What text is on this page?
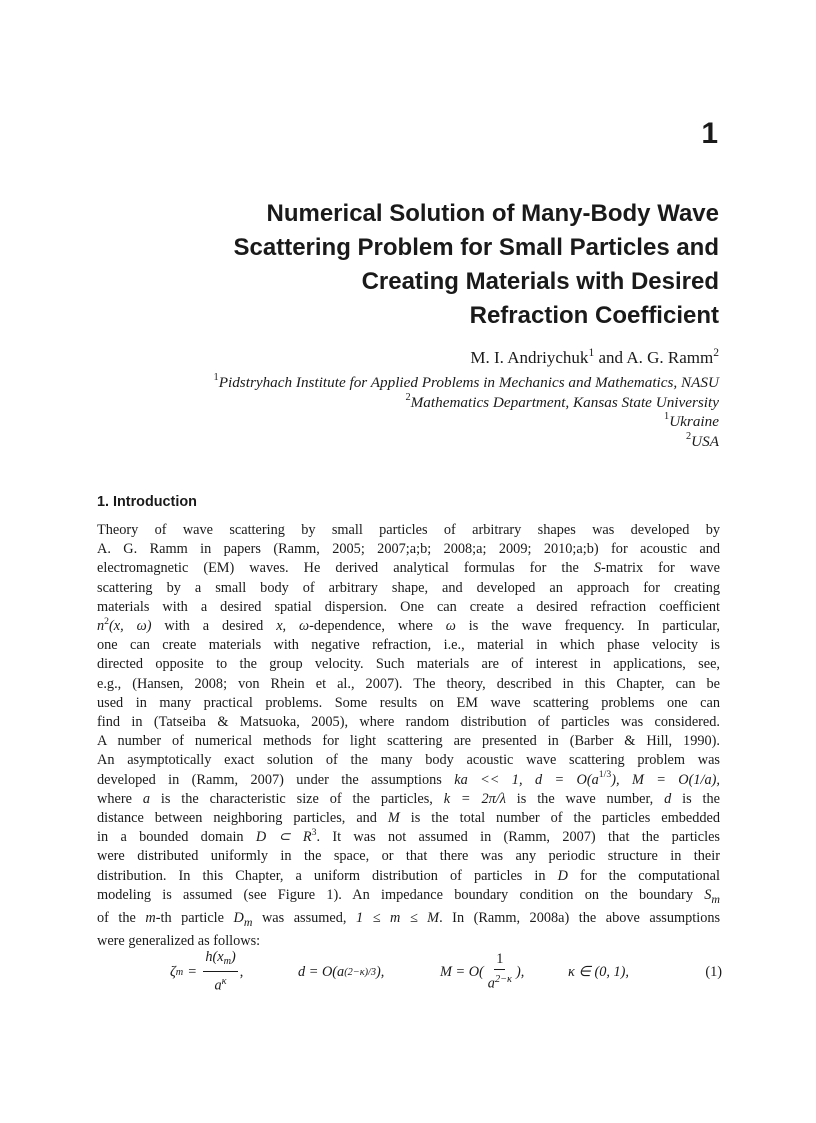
1
Numerical Solution of Many-Body Wave
Scattering Problem for Small Particles and
Creating Materials with Desired
Refraction Coefficient
M. I. Andriychuk$^1$ and A. G. Ramm$^2$
$^1$Pidstryhach Institute for Applied Problems in Mechanics and Mathematics, NASU
$^2$Mathematics Department, Kansas State University
$^1$Ukraine
$^2$USA
1. Introduction
Theory of wave scattering by small particles of arbitrary shapes was developed by
A. G. Ramm in papers (Ramm, 2005; 2007;a;b; 2008;a; 2009; 2010;a;b) for acoustic and
electromagnetic (EM) waves. He derived analytical formulas for the S-matrix for wave
scattering by a small body of arbitrary shape, and developed an approach for creating
materials with a desired spatial dispersion. One can create a desired refraction coefficient
$n^2(x$, ω) with a desired x, ω-dependence, where ω is the wave frequency. In particular,
one can create materials with negative refraction, i.e., material in which phase velocity is
directed opposite to the group velocity. Such materials are of interest in applications, see,
e.g., (Hansen, 2008; von Rhein et al., 2007). The theory, described in this Chapter, can be
used in many practical problems. Some results on EM wave scattering problems one can
find in (Tatseiba & Matsuoka, 2005), where random distribution of particles was considered.
A number of numerical methods for light scattering are presented in (Barber & Hill, 1990).
An asymptotically exact solution of the many body acoustic wave scattering problem was
developed in (Ramm, 2007) under the assumptions ka << 1, $d = O(a^{1/3})$, M = O(1/a),
where a is the characteristic size of the particles, k = 2π/λ is the wave number, d is the
distance between neighboring particles, and M is the total number of the particles embedded
in a bounded domain D ⊂ $R^3$. It was not assumed in (Ramm, 2007) that the particles
were distributed uniformly in the space, or that there was any periodic structure in their
distribution. In this Chapter, a uniform distribution of particles in D for the computational
modeling is assumed (see Figure 1). An impedance boundary condition on the boundary $S_m$
of the m-th particle $D_m$ was assumed, 1 ≤ m ≤ M. In (Ramm, 2008a) the above assumptions
were generalized as follows:
ζ $m = \frac{h(x_m)}{a^\kappa}$ ,	d = O(a (2−κ)/3 ),	$M = O( \frac{1}{a^{2-\kappa}}$ ),	κ ∈ (0, 1),	(1)
